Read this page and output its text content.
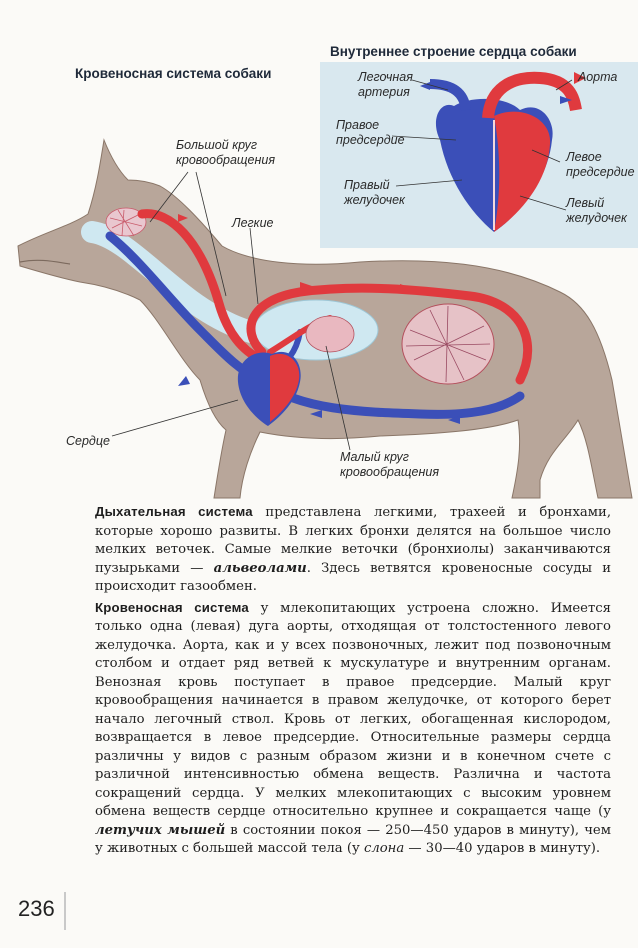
Кровеносная система собаки
Внутреннее строение сердца собаки
Большой круг
кровообращения
Легкие
Сердце
Малый круг
кровообращения
Легочная
артерия
Аорта
Правое
предсердие
Левое
предсердие
Правый
желудочек	Левый
желудочек

Дыхательная система представлена легкими, трахеей и бронхами, которые хорошо развиты. В легких бронхи делятся на большое число мелких веточек. Самые мелкие веточки (бронхиолы) заканчиваются пузырьками — альвеолами. Здесь ветвятся кровеносные сосуды и происходит газообмен.

Кровеносная система у млекопитающих устроена сложно. Имеется только одна (левая) дуга аорты, отходящая от толстостенного левого желудочка. Аорта, как и у всех позвоночных, лежит под позвоночным столбом и отдает ряд ветвей к мускулатуре и внутренним органам. Венозная кровь поступает в правое предсердие. Малый круг кровообращения начинается в правом желудочке, от которого берет начало легочный ствол. Кровь от легких, обогащенная кислородом, возвращается в левое предсердие. Относительные размеры сердца различны у видов с разным образом жизни и в конечном счете с различной интенсивностью обмена веществ. Различна и частота сокращений сердца. У мелких млекопитающих с высоким уровнем обмена веществ сердце относительно крупнее и сокращается чаще (у летучих мышей в состоянии покоя — 250—450 ударов в минуту), чем у животных с большей массой тела (у слона — 30—40 ударов в минуту).

236
